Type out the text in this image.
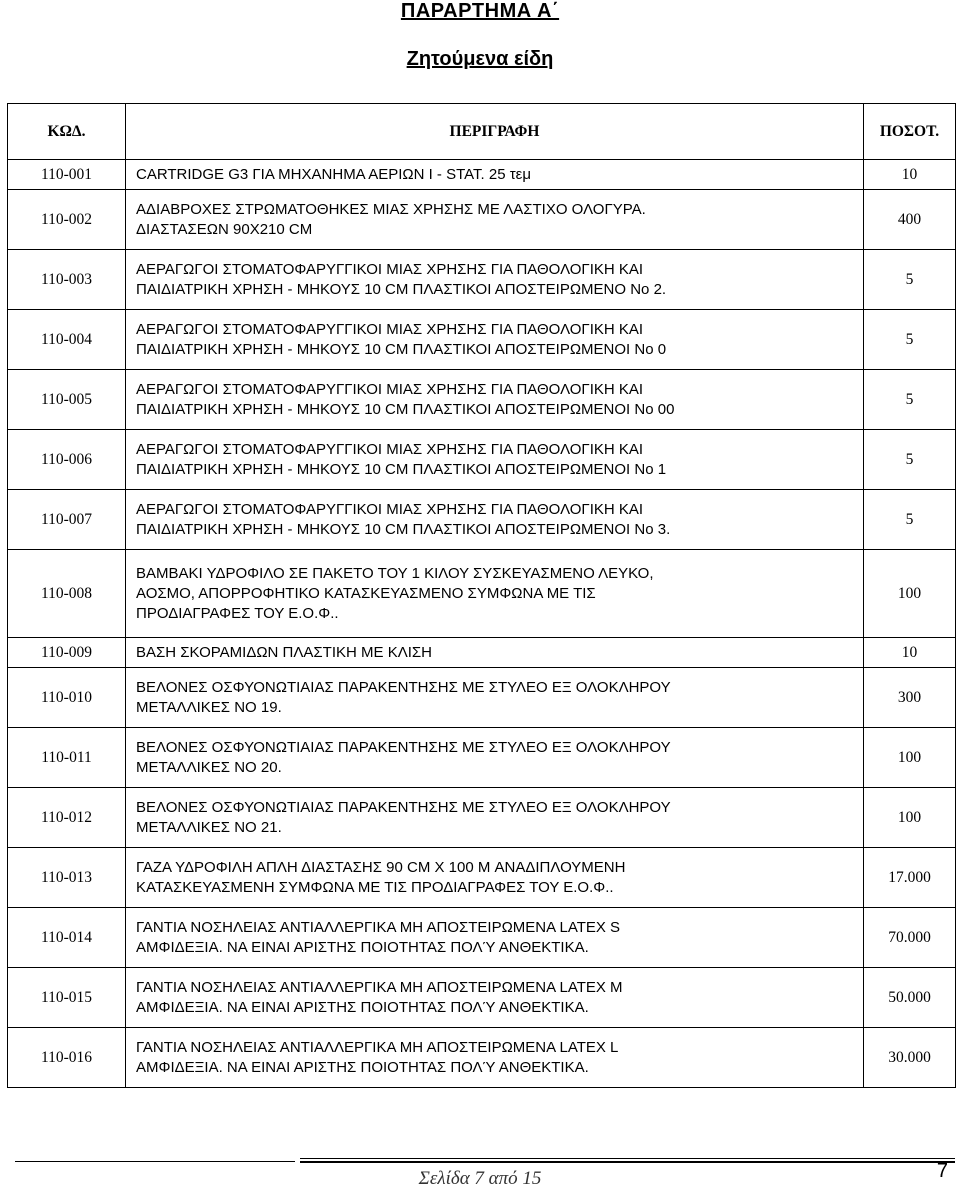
ΠΑΡΑΡΤΗΜΑ Α΄
Ζητούμενα είδη
ΚΩΔ.	ΠΕΡΙΓΡΑΦΗ	ΠΟΣΟΤ.
110-001	CARTRIDGE G3 ΓΙΑ ΜΗΧΑΝΗΜΑ ΑΕΡΙΩΝ Ι - STAT. 25 τεμ	10
110-002	ΑΔΙΑΒΡΟΧΕΣ ΣΤΡΩΜΑΤΟΘΗΚΕΣ ΜΙΑΣ ΧΡΗΣΗΣ ΜΕ ΛΑΣΤΙΧΟ ΟΛΟΓΥΡΑ.
ΔΙΑΣΤΑΣΕΩΝ 90Χ210 CM	400
110-003	ΑΕΡΑΓΩΓΟΙ ΣΤΟΜΑΤΟΦΑΡΥΓΓΙΚΟΙ ΜΙΑΣ ΧΡΗΣΗΣ ΓΙΑ ΠΑΘΟΛΟΓΙΚΗ ΚΑΙ
ΠΑΙΔΙΑΤΡΙΚΗ ΧΡΗΣΗ - ΜΗΚΟΥΣ 10 CM ΠΛΑΣΤΙΚΟΙ ΑΠΟΣΤΕΙΡΩΜΕΝΟ Νο 2.	5
110-004	ΑΕΡΑΓΩΓΟΙ ΣΤΟΜΑΤΟΦΑΡΥΓΓΙΚΟΙ ΜΙΑΣ ΧΡΗΣΗΣ ΓΙΑ ΠΑΘΟΛΟΓΙΚΗ ΚΑΙ
ΠΑΙΔΙΑΤΡΙΚΗ ΧΡΗΣΗ - ΜΗΚΟΥΣ 10 CM ΠΛΑΣΤΙΚΟΙ ΑΠΟΣΤΕΙΡΩΜΕΝΟΙ Νο 0	5
110-005	ΑΕΡΑΓΩΓΟΙ ΣΤΟΜΑΤΟΦΑΡΥΓΓΙΚΟΙ ΜΙΑΣ ΧΡΗΣΗΣ ΓΙΑ ΠΑΘΟΛΟΓΙΚΗ ΚΑΙ
ΠΑΙΔΙΑΤΡΙΚΗ ΧΡΗΣΗ - ΜΗΚΟΥΣ 10 CM ΠΛΑΣΤΙΚΟΙ ΑΠΟΣΤΕΙΡΩΜΕΝΟΙ Νο 00	5
110-006	ΑΕΡΑΓΩΓΟΙ ΣΤΟΜΑΤΟΦΑΡΥΓΓΙΚΟΙ ΜΙΑΣ ΧΡΗΣΗΣ ΓΙΑ ΠΑΘΟΛΟΓΙΚΗ ΚΑΙ
ΠΑΙΔΙΑΤΡΙΚΗ ΧΡΗΣΗ - ΜΗΚΟΥΣ 10 CM ΠΛΑΣΤΙΚΟΙ ΑΠΟΣΤΕΙΡΩΜΕΝΟΙ Νο 1	5
110-007	ΑΕΡΑΓΩΓΟΙ ΣΤΟΜΑΤΟΦΑΡΥΓΓΙΚΟΙ ΜΙΑΣ ΧΡΗΣΗΣ ΓΙΑ ΠΑΘΟΛΟΓΙΚΗ ΚΑΙ
ΠΑΙΔΙΑΤΡΙΚΗ ΧΡΗΣΗ - ΜΗΚΟΥΣ 10 CM ΠΛΑΣΤΙΚΟΙ ΑΠΟΣΤΕΙΡΩΜΕΝΟΙ Νο 3.	5
110-008	ΒΑΜΒΑΚΙ ΥΔΡΟΦΙΛΟ ΣΕ ΠΑΚΕΤΟ ΤΟΥ 1 ΚΙΛΟΥ ΣΥΣΚΕΥΑΣΜΕΝΟ ΛΕΥΚΟ,
ΑΟΣΜΟ, ΑΠΟΡΡΟΦΗΤΙΚΟ ΚΑΤΑΣΚΕΥΑΣΜΕΝΟ ΣΥΜΦΩΝΑ ΜΕ ΤΙΣ
ΠΡΟΔΙΑΓΡΑΦΕΣ ΤΟΥ Ε.Ο.Φ..	100
110-009	ΒΑΣΗ ΣΚΟΡΑΜΙΔΩΝ ΠΛΑΣΤΙΚΗ ΜΕ ΚΛΙΣΗ	10
110-010	ΒΕΛΟΝΕΣ ΟΣΦΥΟΝΩΤΙΑΙΑΣ ΠΑΡΑΚΕΝΤΗΣΗΣ ΜΕ ΣΤΥΛΕΟ ΕΞ ΟΛΟΚΛΗΡΟΥ
ΜΕΤΑΛΛΙΚΕΣ ΝΟ 19.	300
110-011	ΒΕΛΟΝΕΣ ΟΣΦΥΟΝΩΤΙΑΙΑΣ ΠΑΡΑΚΕΝΤΗΣΗΣ ΜΕ ΣΤΥΛΕΟ ΕΞ ΟΛΟΚΛΗΡΟΥ
ΜΕΤΑΛΛΙΚΕΣ ΝΟ 20.	100
110-012	ΒΕΛΟΝΕΣ ΟΣΦΥΟΝΩΤΙΑΙΑΣ ΠΑΡΑΚΕΝΤΗΣΗΣ ΜΕ ΣΤΥΛΕΟ ΕΞ ΟΛΟΚΛΗΡΟΥ
ΜΕΤΑΛΛΙΚΕΣ ΝΟ 21.	100
110-013	ΓΑΖΑ ΥΔΡΟΦΙΛΗ ΑΠΛΗ ΔΙΑΣΤΑΣΗΣ 90 CM X 100 M ΑΝΑΔΙΠΛΟΥΜΕΝΗ
ΚΑΤΑΣΚΕΥΑΣΜΕΝΗ ΣΥΜΦΩΝΑ ΜΕ ΤΙΣ ΠΡΟΔΙΑΓΡΑΦΕΣ ΤΟΥ Ε.Ο.Φ..	17.000
110-014	ΓΑΝΤΙΑ ΝΟΣΗΛΕΙΑΣ ΑΝΤΙΑΛΛΕΡΓΙΚΑ ΜΗ ΑΠΟΣΤΕΙΡΩΜΕΝΑ LATEX S
ΑΜΦΙΔΕΞΙΑ. ΝΑ ΕΙΝΑΙ ΑΡΙΣΤΗΣ ΠΟΙΟΤΗΤΑΣ ΠΟΛΎ ΑΝΘΕΚΤΙΚΑ.	70.000
110-015	ΓΑΝΤΙΑ ΝΟΣΗΛΕΙΑΣ ΑΝΤΙΑΛΛΕΡΓΙΚΑ ΜΗ ΑΠΟΣΤΕΙΡΩΜΕΝΑ LATEX M
ΑΜΦΙΔΕΞΙΑ. ΝΑ ΕΙΝΑΙ ΑΡΙΣΤΗΣ ΠΟΙΟΤΗΤΑΣ ΠΟΛΎ ΑΝΘΕΚΤΙΚΑ.	50.000
110-016	ΓΑΝΤΙΑ ΝΟΣΗΛΕΙΑΣ ΑΝΤΙΑΛΛΕΡΓΙΚΑ ΜΗ ΑΠΟΣΤΕΙΡΩΜΕΝΑ LATEX L
ΑΜΦΙΔΕΞΙΑ. ΝΑ ΕΙΝΑΙ ΑΡΙΣΤΗΣ ΠΟΙΟΤΗΤΑΣ ΠΟΛΎ ΑΝΘΕΚΤΙΚΑ.	30.000
Σελίδα 7 από 15	7
